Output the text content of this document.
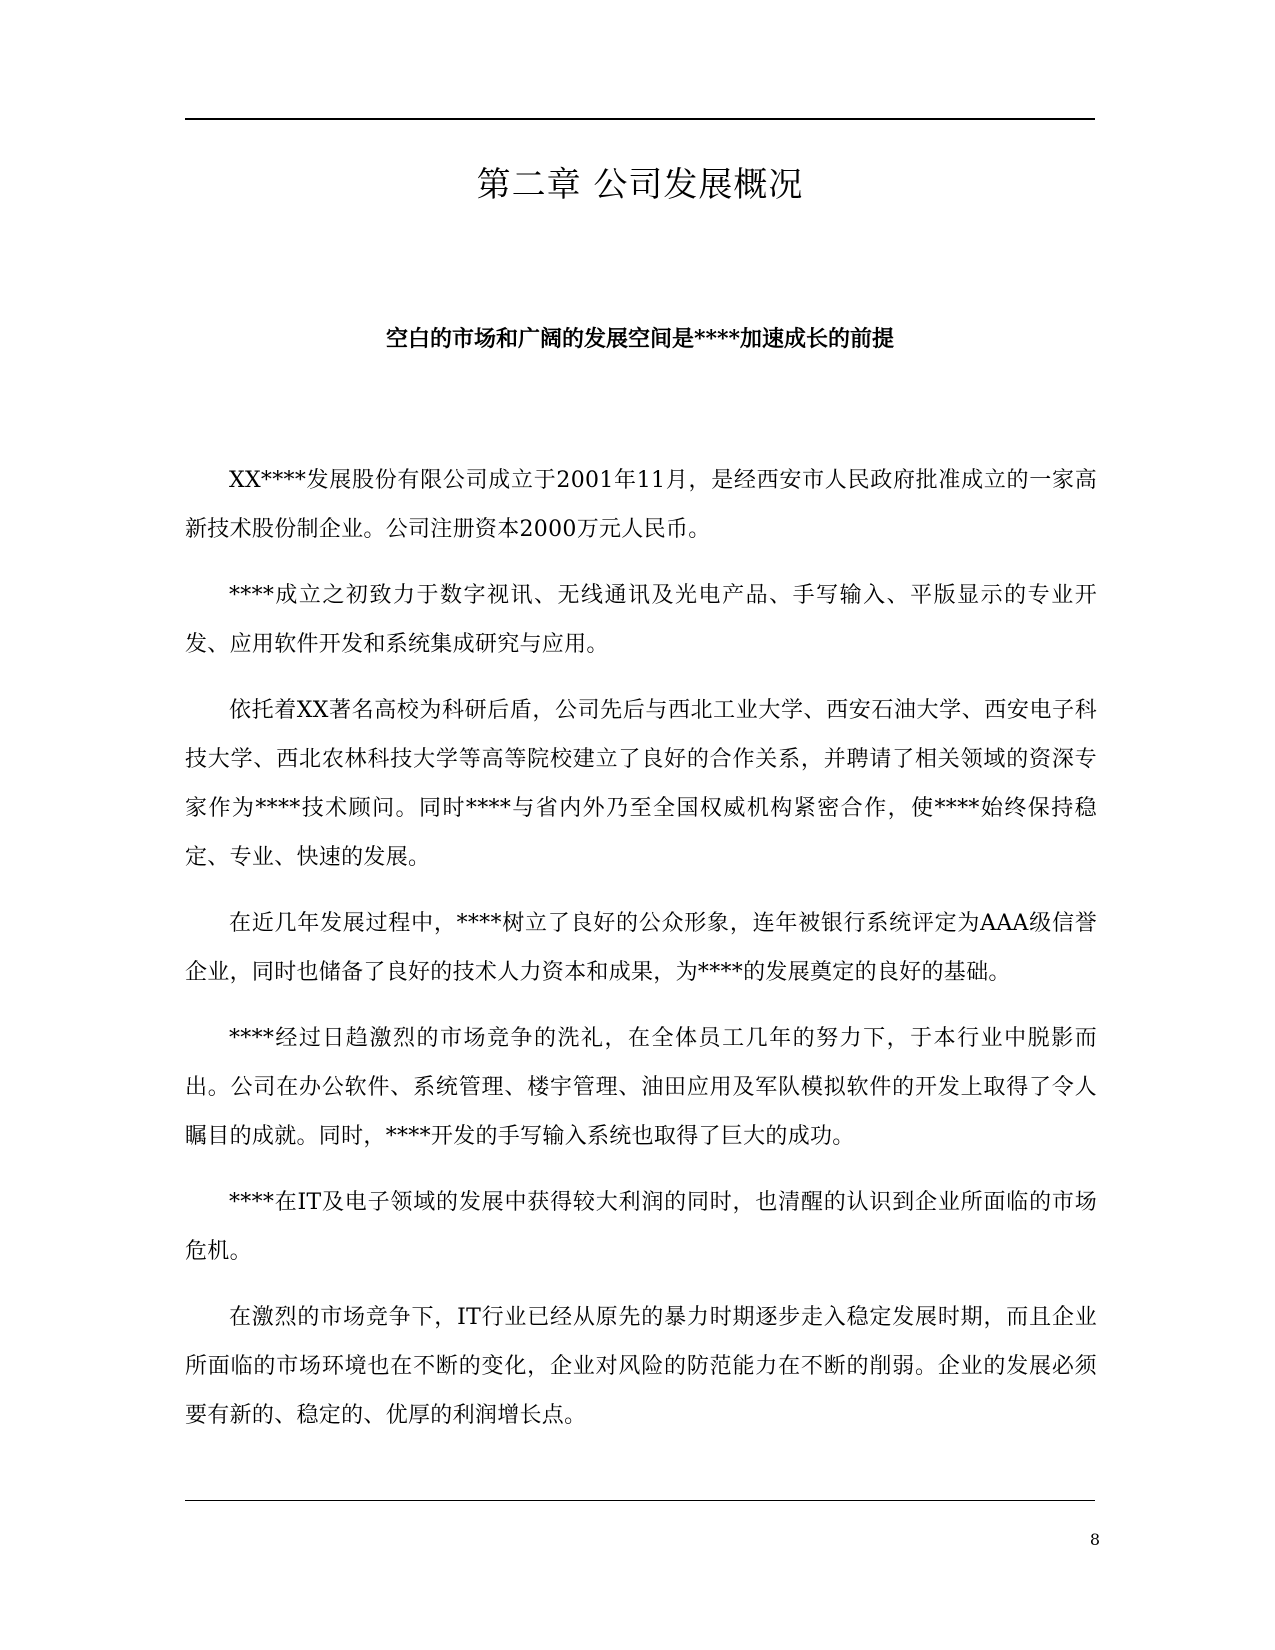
第二章 公司发展概况
空白的市场和广阔的发展空间是****加速成长的前提

XX****发展股份有限公司成立于2001年11月，是经西安市人民政府批准成立的一家高新技术股份制企业。公司注册资本2000万元人民币。

****成立之初致力于数字视讯、无线通讯及光电产品、手写输入、平版显示的专业开发、应用软件开发和系统集成研究与应用。

依托着XX著名高校为科研后盾，公司先后与西北工业大学、西安石油大学、西安电子科技大学、西北农林科技大学等高等院校建立了良好的合作关系，并聘请了相关领域的资深专家作为****技术顾问。同时****与省内外乃至全国权威机构紧密合作，使****始终保持稳定、专业、快速的发展。

在近几年发展过程中，****树立了良好的公众形象，连年被银行系统评定为AAA级信誉企业，同时也储备了良好的技术人力资本和成果，为****的发展奠定的良好的基础。

****经过日趋激烈的市场竞争的洗礼，在全体员工几年的努力下，于本行业中脱影而出。公司在办公软件、系统管理、楼宇管理、油田应用及军队模拟软件的开发上取得了令人瞩目的成就。同时，****开发的手写输入系统也取得了巨大的成功。

****在IT及电子领域的发展中获得较大利润的同时，也清醒的认识到企业所面临的市场危机。

在激烈的市场竞争下，IT行业已经从原先的暴力时期逐步走入稳定发展时期，而且企业所面临的市场环境也在不断的变化，企业对风险的防范能力在不断的削弱。企业的发展必须要有新的、稳定的、优厚的利润增长点。

8
